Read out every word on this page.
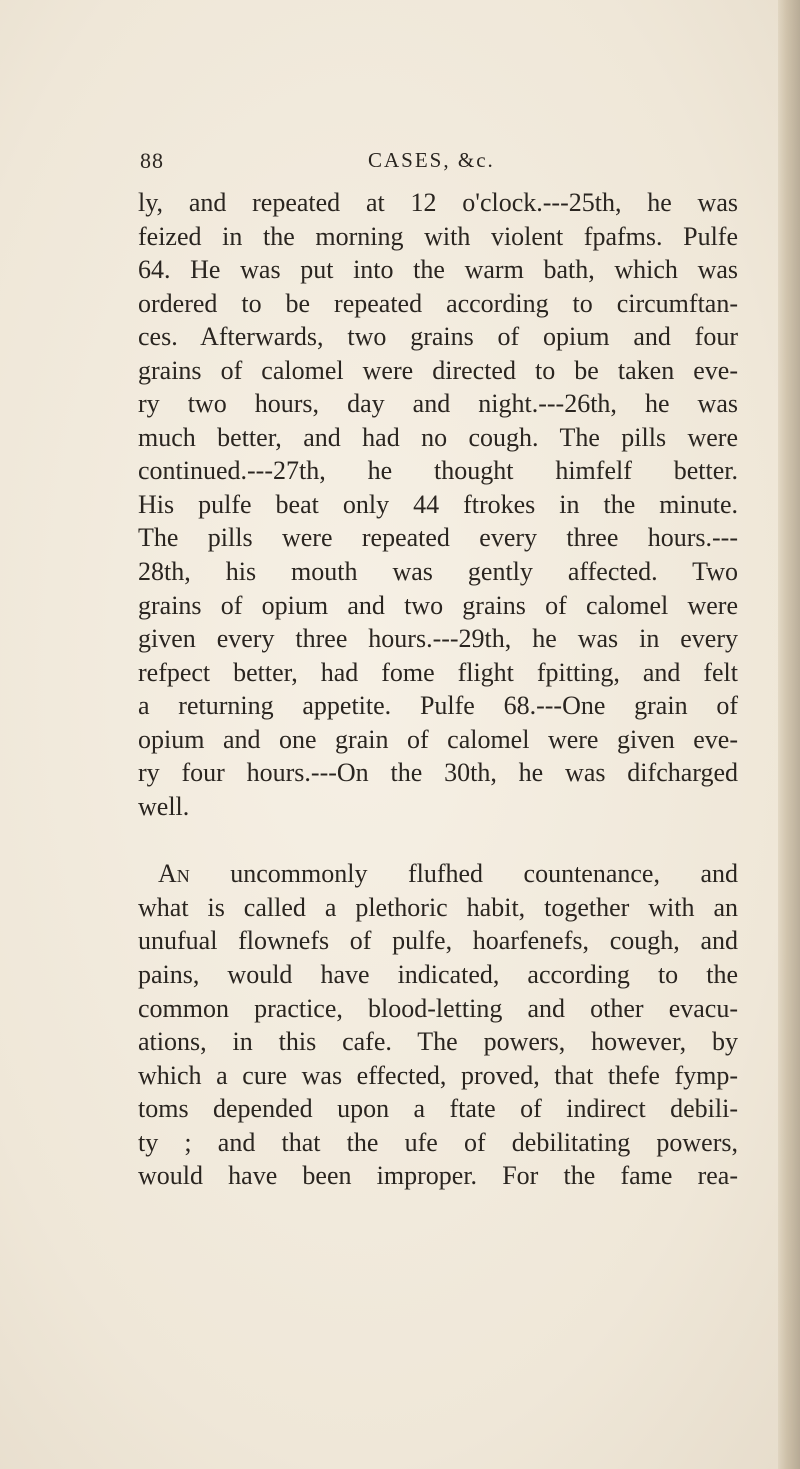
88	CASES, &c.
ly, and repeated at 12 o'clock.---25th, he was
feized in the morning with violent fpafms. Pulfe
64. He was put into the warm bath, which was
ordered to be repeated according to circumftan-
ces. Afterwards, two grains of opium and four
grains of calomel were directed to be taken eve-
ry two hours, day and night.---26th, he was
much better, and had no cough. The pills were
continued.---27th, he thought himfelf better.
His pulfe beat only 44 ftrokes in the minute.
The pills were repeated every three hours.---
28th, his mouth was gently affected. Two
grains of opium and two grains of calomel were
given every three hours.---29th, he was in every
refpect better, had fome flight fpitting, and felt
a returning appetite. Pulfe 68.---One grain of
opium and one grain of calomel were given eve-
ry four hours.---On the 30th, he was difcharged
well.
An uncommonly flufhed countenance, and
what is called a plethoric habit, together with an
unufual flownefs of pulfe, hoarfenefs, cough, and
pains, would have indicated, according to the
common practice, blood-letting and other evacu-
ations, in this cafe. The powers, however, by
which a cure was effected, proved, that thefe fymp-
toms depended upon a ftate of indirect debili-
ty ; and that the ufe of debilitating powers,
would have been improper. For the fame rea-
